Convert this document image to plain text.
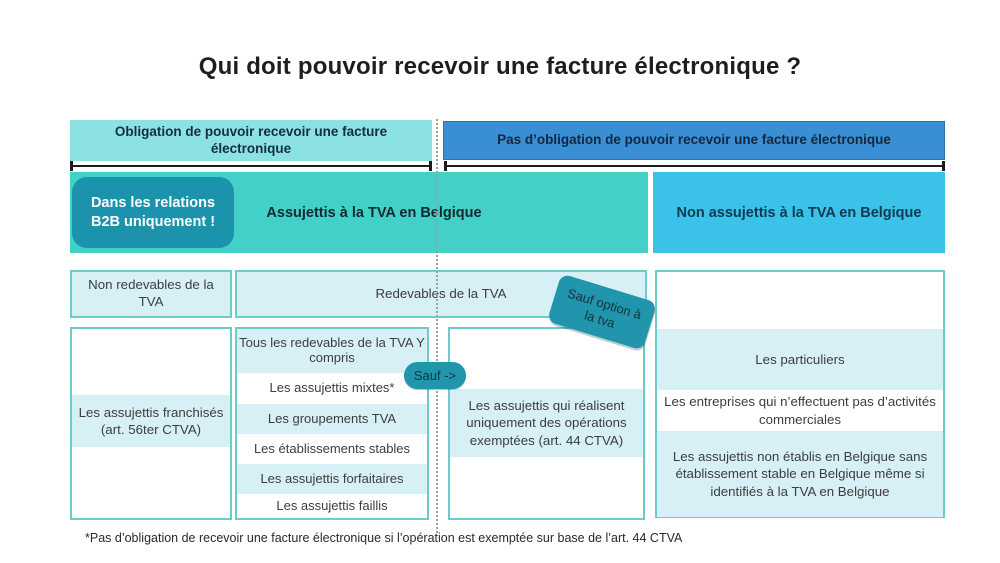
Qui doit pouvoir recevoir une facture électronique ?
Obligation de pouvoir recevoir une facture électronique
Pas d’obligation de pouvoir recevoir une facture électronique
Dans les relations B2B uniquement !
Assujettis à la TVA en Belgique	Non assujettis à la TVA en Belgique
Non redevables de la TVA
Redevables de la TVA	Sauf option à la tva
Les assujettis franchisés (art. 56ter CTVA)
Tous les redevables de la TVA Y compris
Les assujettis mixtes*
Les groupements TVA
Les établissements stables
Les assujettis forfaitaires
Les assujettis faillis
Sauf ->
Les assujettis qui réalisent uniquement des opérations exemptées (art. 44 CTVA)
Les particuliers
Les entreprises qui n’effectuent pas d’activités commerciales
Les assujettis non établis en Belgique sans établissement stable en Belgique même si identifiés à la TVA en Belgique
*Pas d’obligation de recevoir une facture électronique si l’opération est exemptée sur base de l’art. 44 CTVA
